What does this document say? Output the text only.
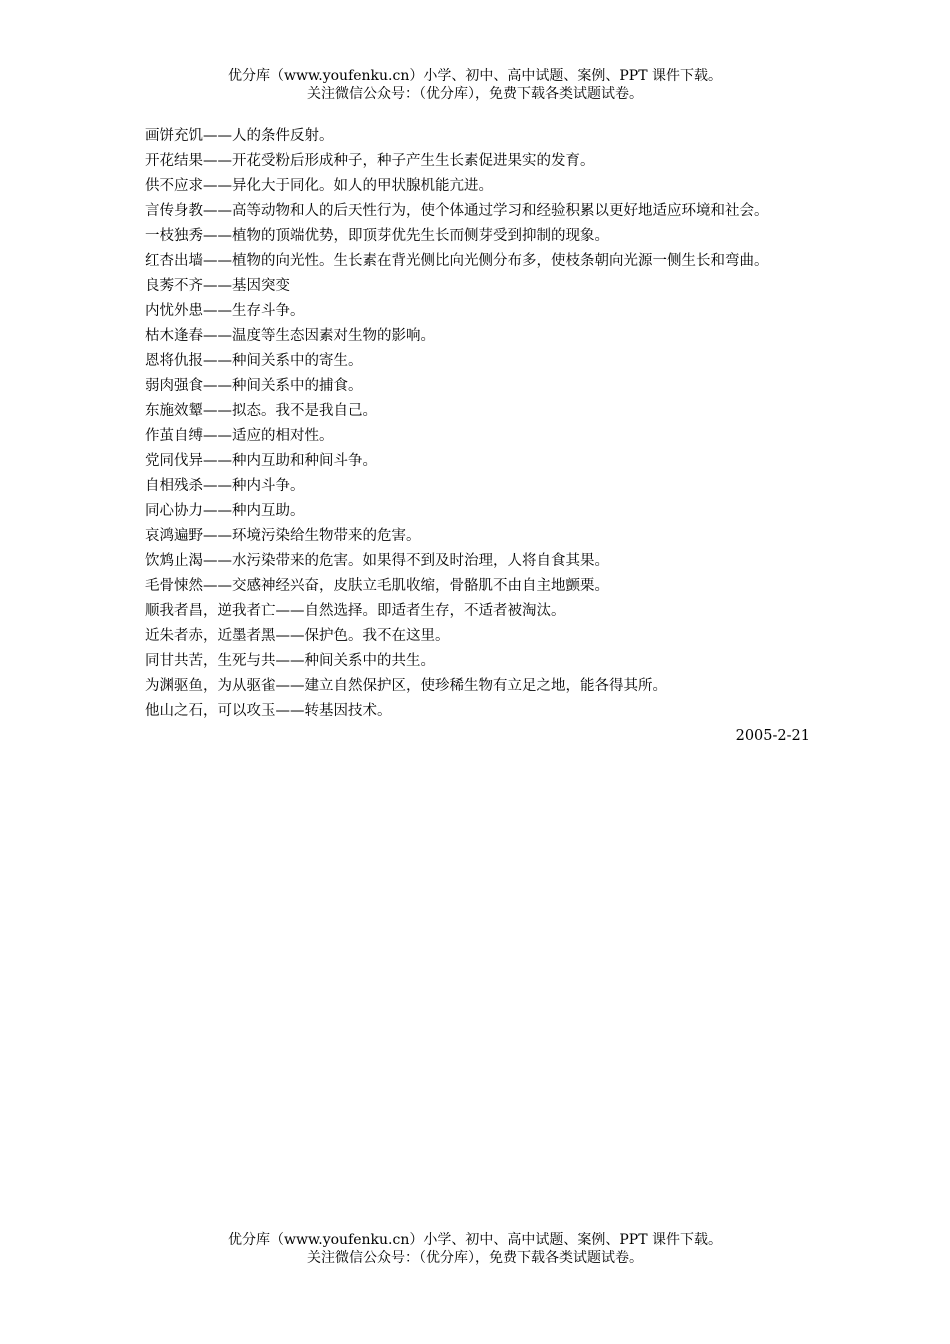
优分库（www.youfenku.cn）小学、初中、高中试题、案例、PPT 课件下载。
关注微信公众号：（优分库），免费下载各类试题试卷。

画饼充饥——人的条件反射。

开花结果——开花受粉后形成种子，种子产生生长素促进果实的发育。

供不应求——异化大于同化。如人的甲状腺机能亢进。

言传身教——高等动物和人的后天性行为，使个体通过学习和经验积累以更好地适应环境和社会。

一枝独秀——植物的顶端优势，即顶芽优先生长而侧芽受到抑制的现象。

红杏出墙——植物的向光性。生长素在背光侧比向光侧分布多，使枝条朝向光源一侧生长和弯曲。

良莠不齐——基因突变

内忧外患——生存斗争。

枯木逢春——温度等生态因素对生物的影响。

恩将仇报——种间关系中的寄生。

弱肉强食——种间关系中的捕食。

东施效颦——拟态。我不是我自己。

作茧自缚——适应的相对性。

党同伐异——种内互助和种间斗争。

自相残杀——种内斗争。

同心协力——种内互助。

哀鸿遍野——环境污染给生物带来的危害。

饮鸩止渴——水污染带来的危害。如果得不到及时治理，人将自食其果。

毛骨悚然——交感神经兴奋，皮肤立毛肌收缩，骨骼肌不由自主地颤栗。

顺我者昌，逆我者亡——自然选择。即适者生存，不适者被淘汰。

近朱者赤，近墨者黑——保护色。我不在这里。

同甘共苦，生死与共——种间关系中的共生。

为渊驱鱼，为从驱雀——建立自然保护区，使珍稀生物有立足之地，能各得其所。

他山之石，可以攻玉——转基因技术。

2005-2-21

优分库（www.youfenku.cn）小学、初中、高中试题、案例、PPT 课件下载。
关注微信公众号：（优分库），免费下载各类试题试卷。
